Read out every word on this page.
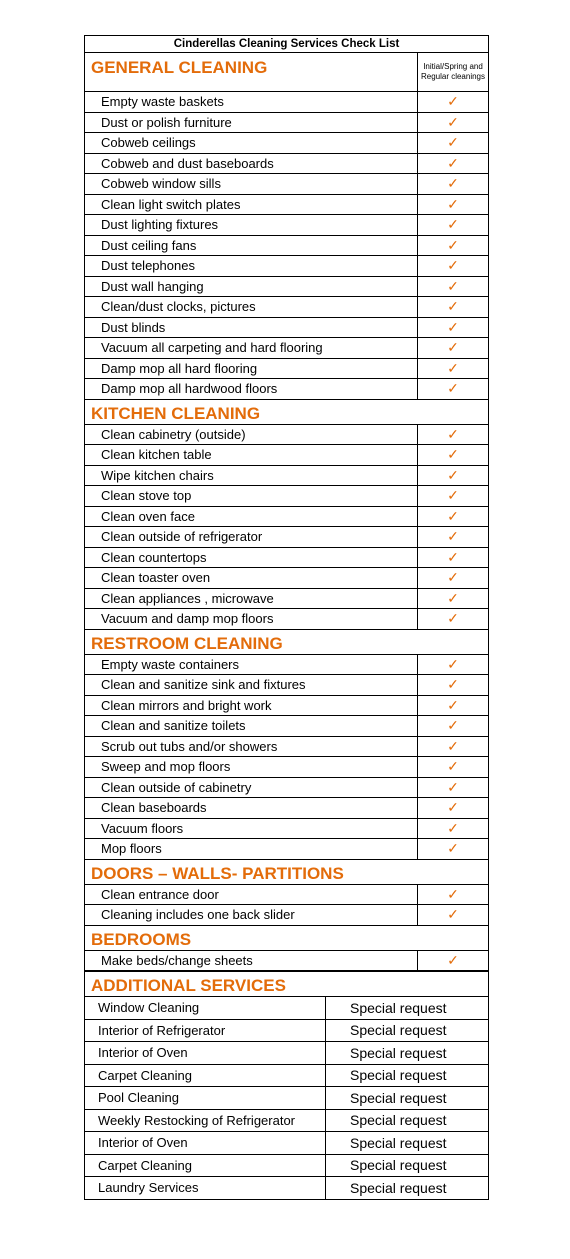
Cinderellas Cleaning Services Check List	
GENERAL CLEANING	Initial/Spring and Regular cleanings
Empty waste baskets	✓
Dust or polish furniture	✓
Cobweb ceilings	✓
Cobweb and dust baseboards	✓
Cobweb window sills	✓
Clean light switch plates	✓
Dust lighting fixtures	✓
Dust ceiling fans	✓
Dust telephones	✓
Dust wall hanging	✓
Clean/dust clocks, pictures	✓
Dust blinds	✓
Vacuum all carpeting and hard flooring	✓
Damp mop all hard flooring	✓
Damp mop all hardwood floors	✓
KITCHEN CLEANING	
Clean cabinetry (outside)	✓
Clean kitchen table	✓
Wipe kitchen chairs	✓
Clean stove top	✓
Clean oven face	✓
Clean outside of refrigerator	✓
Clean countertops	✓
Clean toaster oven	✓
Clean appliances , microwave	✓
Vacuum and damp mop floors	✓
RESTROOM CLEANING	
Empty waste containers	✓
Clean and sanitize sink and fixtures	✓
Clean mirrors and bright work	✓
Clean and sanitize toilets	✓
Scrub out tubs and/or showers	✓
Sweep and mop floors	✓
Clean outside of cabinetry	✓
Clean baseboards	✓
Vacuum floors	✓
Mop floors	✓
DOORS – WALLS- PARTITIONS	
Clean entrance door	✓
Cleaning includes one back slider	✓
BEDROOMS	
Make beds/change sheets	✓
ADDITIONAL SERVICES	
Window Cleaning	Special request
Interior of Refrigerator	Special request
Interior of Oven	Special request
Carpet Cleaning	Special request
Pool Cleaning	Special request
Weekly Restocking of Refrigerator	Special request
Interior of Oven	Special request
Carpet Cleaning	Special request
Laundry Services	Special request
